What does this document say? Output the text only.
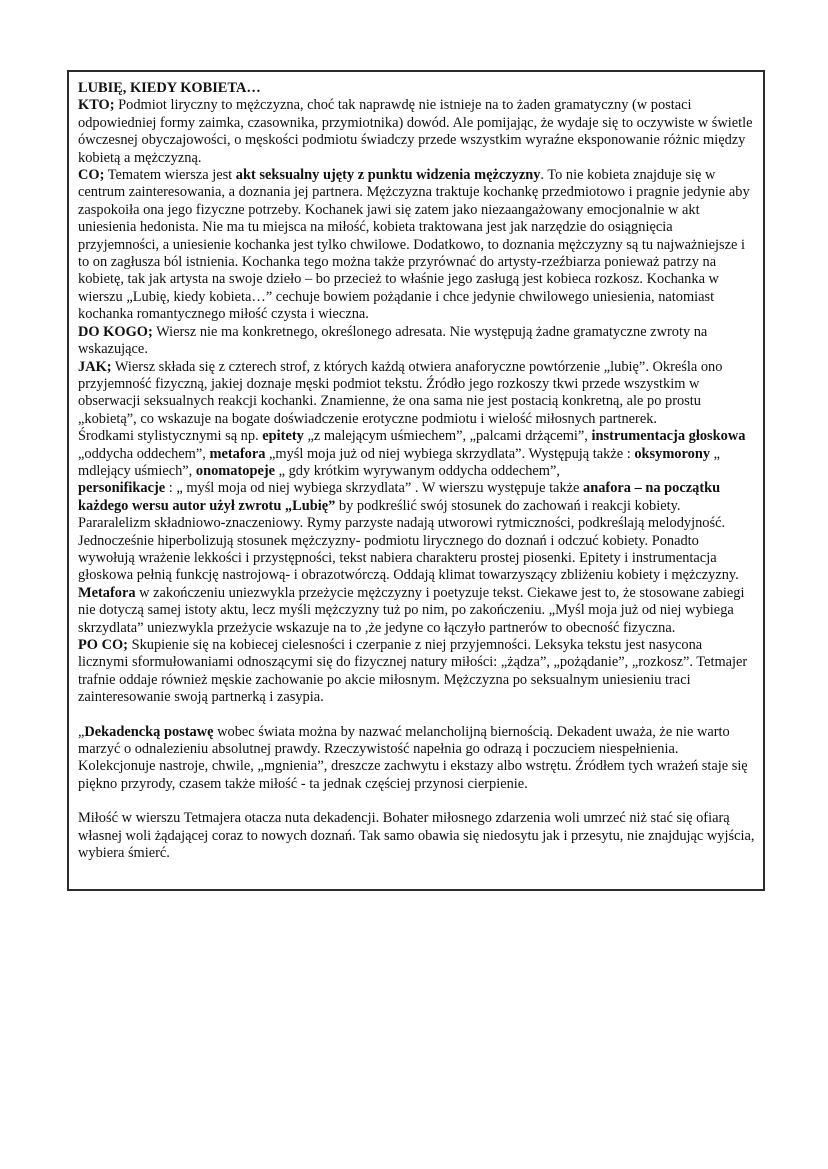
LUBIĘ, KIEDY KOBIETA…

KTO; Podmiot liryczny to mężczyzna, choć tak naprawdę nie istnieje na to żaden gramatyczny (w postaci odpowiedniej formy zaimka, czasownika, przymiotnika) dowód. Ale pomijając, że wydaje się to oczywiste w świetle ówczesnej obyczajowości, o męskości podmiotu świadczy przede wszystkim wyraźne eksponowanie różnic między kobietą a mężczyzną.

CO; Tematem wiersza jest akt seksualny ujęty z punktu widzenia mężczyzny. To nie kobieta znajduje się w centrum zainteresowania, a doznania jej partnera. Mężczyzna traktuje kochankę przedmiotowo i pragnie jedynie aby zaspokoiła ona jego fizyczne potrzeby. Kochanek jawi się zatem jako niezaangażowany emocjonalnie w akt uniesienia hedonista. Nie ma tu miejsca na miłość, kobieta traktowana jest jak narzędzie do osiągnięcia przyjemności, a uniesienie kochanka jest tylko chwilowe. Dodatkowo, to doznania mężczyzny są tu najważniejsze i to on zagłusza ból istnienia. Kochanka tego można także przyrównać do artysty-rzeźbiarza ponieważ patrzy na kobietę, tak jak artysta na swoje dzieło – bo przecież to właśnie jego zasługą jest kobieca rozkosz. Kochanka w wierszu „Lubię, kiedy kobieta…” cechuje bowiem pożądanie i chce jedynie chwilowego uniesienia, natomiast kochanka romantycznego miłość czysta i wieczna.

DO KOGO; Wiersz nie ma konkretnego, określonego adresata. Nie występują żadne gramatyczne zwroty na wskazujące.

JAK; Wiersz składa się z czterech strof, z których każdą otwiera anaforyczne powtórzenie „lubię”. Określa ono przyjemność fizyczną, jakiej doznaje męski podmiot tekstu. Źródło jego rozkoszy tkwi przede wszystkim w obserwacji seksualnych reakcji kochanki. Znamienne, że ona sama nie jest postacią konkretną, ale po prostu „kobietą”, co wskazuje na bogate doświadczenie erotyczne podmiotu i wielość miłosnych partnerek.
Środkami stylistycznymi są np. epitety „z malejącym uśmiechem”, „palcami drżącemi”, instrumentacja głoskowa „oddycha oddechem”, metafora „myśl moja już od niej wybiega skrzydlata”. Występują także : oksymorony „ mdlejący uśmiech”, onomatopeje „ gdy krótkim wyrywanym oddycha oddechem”,
personifikacje : „ myśl moja od niej wybiega skrzydlata” . W wierszu występuje także anafora – na początku każdego wersu autor użył zwrotu „Lubię” by podkreślić swój stosunek do zachowań i reakcji kobiety. Pararalelizm składniowo-znaczeniowy. Rymy parzyste nadają utworowi rytmiczności, podkreślają melodyjność. Jednocześnie hiperbolizują stosunek mężczyzny- podmiotu lirycznego do doznań i odczuć kobiety. Ponadto wywołują wrażenie lekkości i przystępności, tekst nabiera charakteru prostej piosenki. Epitety i instrumentacja głoskowa pełnią funkcję nastrojową- i obrazotwórczą. Oddają klimat towarzyszący zbliżeniu kobiety i mężczyzny. Metafora w zakończeniu uniezwykla przeżycie mężczyzny i poetyzuje tekst. Ciekawe jest to, że stosowane zabiegi nie dotyczą samej istoty aktu, lecz myśli mężczyzny tuż po nim, po zakończeniu. „Myśl moja już od niej wybiega skrzydlata” uniezwykla przeżycie wskazuje na to ,że jedyne co łączyło partnerów to obecność fizyczna.

PO CO; Skupienie się na kobiecej cielesności i czerpanie z niej przyjemności. Leksyka tekstu jest nasycona licznymi sformułowaniami odnoszącymi się do fizycznej natury miłości: „żądza”, „pożądanie”, „rozkosz”. Tetmajer trafnie oddaje również męskie zachowanie po akcie miłosnym. Mężczyzna po seksualnym uniesieniu traci zainteresowanie swoją partnerką i zasypia.

„Dekadencką postawę wobec świata można by nazwać melancholijną biernością. Dekadent uważa, że nie warto marzyć o odnalezieniu absolutnej prawdy. Rzeczywistość napełnia go odrazą i poczuciem niespełnienia. Kolekcjonuje nastroje, chwile, „mgnienia”, dreszcze zachwytu i ekstazy albo wstrętu. Źródłem tych wrażeń staje się piękno przyrody, czasem także miłość - ta jednak częściej przynosi cierpienie.

Miłość w wierszu Tetmajera otacza nuta dekadencji. Bohater miłosnego zdarzenia woli umrzeć niż stać się ofiarą własnej woli żądającej coraz to nowych doznań. Tak samo obawia się niedosytu jak i przesytu, nie znajdując wyjścia, wybiera śmierć.
